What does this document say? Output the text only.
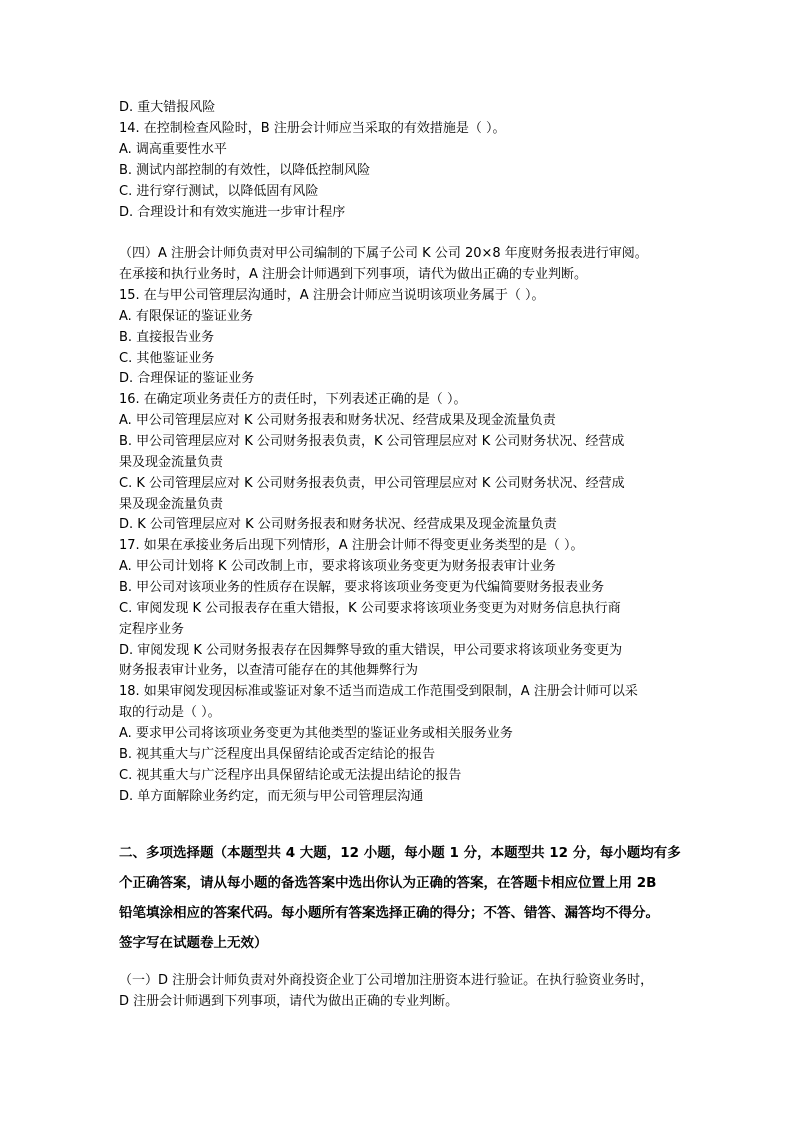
D. 重大错报风险
14. 在控制检查风险时，B 注册会计师应当采取的有效措施是（ ）。
A. 调高重要性水平
B. 测试内部控制的有效性，以降低控制风险
C. 进行穿行测试，以降低固有风险
D. 合理设计和有效实施进一步审计程序
（四）A 注册会计师负责对甲公司编制的下属子公司 K 公司 20×8 年度财务报表进行审阅。
在承接和执行业务时，A 注册会计师遇到下列事项，请代为做出正确的专业判断。
15. 在与甲公司管理层沟通时，A 注册会计师应当说明该项业务属于（ ）。
A. 有限保证的鉴证业务
B. 直接报告业务
C. 其他鉴证业务
D. 合理保证的鉴证业务
16. 在确定项业务责任方的责任时，下列表述正确的是（ ）。
A. 甲公司管理层应对 K 公司财务报表和财务状况、经营成果及现金流量负责
B. 甲公司管理层应对 K 公司财务报表负责，K 公司管理层应对 K 公司财务状况、经营成
果及现金流量负责
C. K 公司管理层应对 K 公司财务报表负责，甲公司管理层应对 K 公司财务状况、经营成
果及现金流量负责
D. K 公司管理层应对 K 公司财务报表和财务状况、经营成果及现金流量负责
17. 如果在承接业务后出现下列情形，A 注册会计师不得变更业务类型的是（ ）。
A. 甲公司计划将 K 公司改制上市，要求将该项业务变更为财务报表审计业务
B. 甲公司对该项业务的性质存在误解，要求将该项业务变更为代编简要财务报表业务
C. 审阅发现 K 公司报表存在重大错报，K 公司要求将该项业务变更为对财务信息执行商
定程序业务
D. 审阅发现 K 公司财务报表存在因舞弊导致的重大错误，甲公司要求将该项业务变更为
财务报表审计业务，以查清可能存在的其他舞弊行为
18. 如果审阅发现因标准或鉴证对象不适当而造成工作范围受到限制，A 注册会计师可以采
取的行动是（ ）。
A. 要求甲公司将该项业务变更为其他类型的鉴证业务或相关服务业务
B. 视其重大与广泛程度出具保留结论或否定结论的报告
C. 视其重大与广泛程序出具保留结论或无法提出结论的报告
D. 单方面解除业务约定，而无须与甲公司管理层沟通
二、多项选择题（本题型共 4 大题，12 小题，每小题 1 分，本题型共 12 分，每小题均有多
个正确答案，请从每小题的备选答案中选出你认为正确的答案，在答题卡相应位置上用 2B
铅笔填涂相应的答案代码。每小题所有答案选择正确的得分；不答、错答、漏答均不得分。
签字写在试题卷上无效）
（一）D 注册会计师负责对外商投资企业丁公司增加注册资本进行验证。在执行验资业务时，
D 注册会计师遇到下列事项，请代为做出正确的专业判断。
